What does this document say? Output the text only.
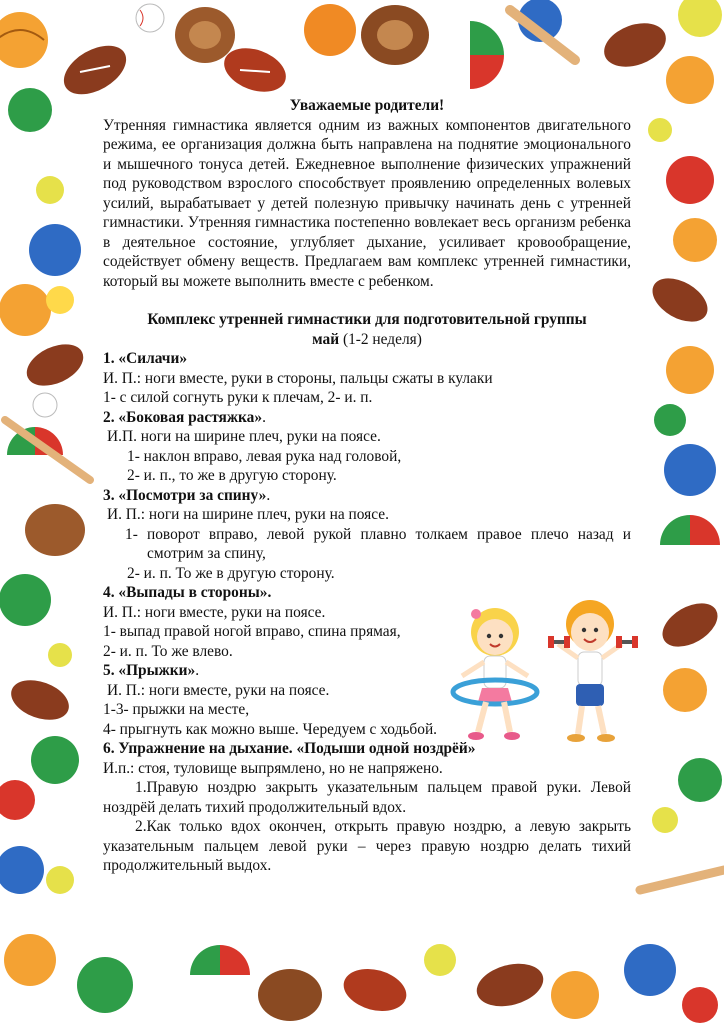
Уважаемые родители!

Утренняя гимнастика является одним из важных компонентов двигательного режима, ее организация должна быть направлена на поднятие эмоционального и мышечного тонуса детей. Ежедневное выполнение физических упражнений под руководством взрослого способствует проявлению определенных волевых усилий, вырабатывает у детей полезную привычку начинать день с утренней гимнастики. Утренняя гимнастика постепенно вовлекает весь организм ребенка в деятельное состояние, углубляет дыхание, усиливает кровообращение, содействует обмену веществ. Предлагаем вам комплекс утренней гимнастики, который вы можете выполнить вместе с ребенком.

Комплекс утренней гимнастики для подготовительной группы

май (1-2 неделя)

1. «Силачи»

И. П.: ноги вместе, руки в стороны, пальцы сжаты в кулаки

1- с силой согнуть руки к плечам, 2- и. п.

2. «Боковая растяжка».

И.П. ноги на ширине плеч, руки на поясе.

1- наклон вправо, левая рука над головой,

2- и. п., то же в другую сторону.

3. «Посмотри за спину».

И. П.: ноги на ширине плеч, руки на поясе.

1- поворот вправо, левой рукой плавно толкаем правое плечо назад и смотрим за спину,

2- и. п. То же в другую сторону.

4. «Выпады в стороны».

И. П.: ноги вместе, руки на поясе.

1- выпад правой ногой вправо, спина прямая,

2- и. п. То же влево.

5. «Прыжки».

И. П.: ноги вместе, руки на поясе.

1-3- прыжки на месте,

4- прыгнуть как можно выше. Чередуем с ходьбой.

6. Упражнение на дыхание. «Подыши одной ноздрёй»

И.п.: стоя, туловище выпрямлено, но не напряжено.

1.Правую ноздрю закрыть указательным пальцем правой руки. Левой ноздрёй делать тихий продолжительный вдох.

2.Как только вдох окончен, открыть правую ноздрю, а левую закрыть указательным пальцем левой руки – через правую ноздрю делать тихий продолжительный выдох.
